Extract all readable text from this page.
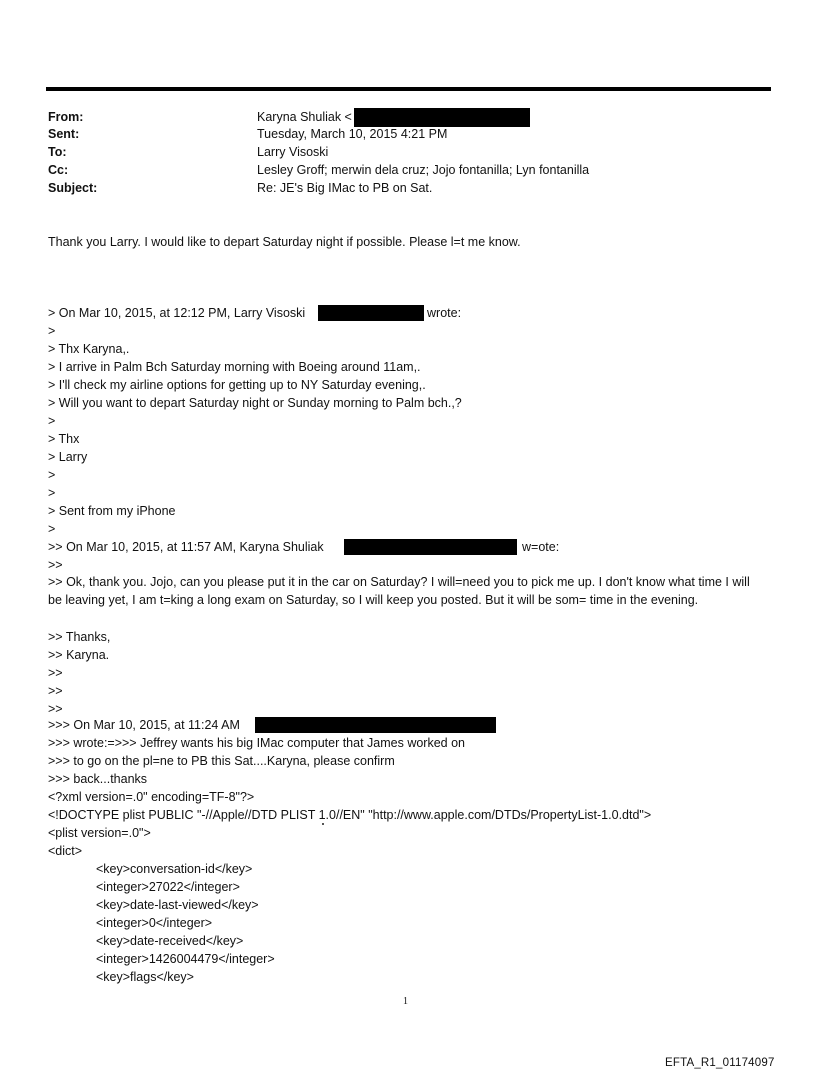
From:	Karyna Shuliak <
Sent:	Tuesday, March 10, 2015 4:21 PM
To:	Larry Visoski
Cc:	Lesley Groff; merwin dela cruz; Jojo fontanilla; Lyn fontanilla
Subject:	Re: JE's Big IMac to PB on Sat.
Thank you Larry. I would like to depart Saturday night if possible. Please l=t me know.
> On Mar 10, 2015, at 12:12 PM, Larry Visoski	wrote:
>
> Thx Karyna,.
> I arrive in Palm Bch Saturday morning with Boeing around 11am,.
> I'll check my airline options for getting up to NY Saturday evening,.
> Will you want to depart Saturday night or Sunday morning to Palm bch.,?
>
> Thx
> Larry
>
>
> Sent from my iPhone
>
>> On Mar 10, 2015, at 11:57 AM, Karyna Shuliak	w=ote:
>>
>> Ok, thank you. Jojo, can you please put it in the car on Saturday? I will=need you to pick me up. I don't know what time I will be leaving yet, I am t=king a long exam on Saturday, so I will keep you posted. But it will be som= time in the evening.
>> Thanks,
>> Karyna.
>>
>>
>>
>>> On Mar 10, 2015, at 11:24 AM
>>> wrote:=>>> Jeffrey wants his big IMac computer that James worked on
>>> to go on the pl=ne to PB this Sat....Karyna, please confirm
>>> back...thanks
<?xml version=.0" encoding=TF-8"?>
<!DOCTYPE plist PUBLIC "-//Apple//DTD PLIST 1.0//EN" "http://www.apple.com/DTDs/PropertyList-1.0.dtd">
<plist version=.0">
<dict>
<key>conversation-id</key>
<integer>27022</integer>
<key>date-last-viewed</key>
<integer>0</integer>
<key>date-received</key>
<integer>1426004479</integer>
<key>flags</key>
1
EFTA_R1_01174097
